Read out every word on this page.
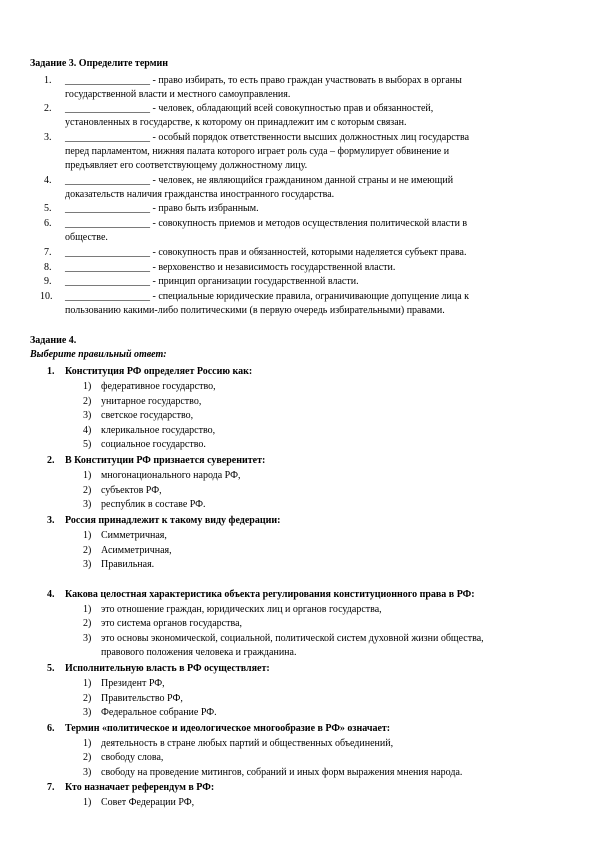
Задание 3. Определите термин
1. _________________ - право избирать, то есть право граждан участвовать в выборах в органы
государственной власти и местного самоуправления.
2. _________________ - человек, обладающий всей совокупностью прав и обязанностей,
установленных в государстве, к которому он принадлежит им с которым связан.
3. _________________ - особый порядок ответственности высших должностных лиц государства
перед парламентом, нижняя палата которого играет роль суда – формулирует обвинение и
предъявляет его соответствующему должностному лицу.
4. _________________ - человек, не являющийся гражданином данной страны и не имеющий
доказательств наличия гражданства иностранного государства.
5. _________________ - право быть избранным.
6. _________________ - совокупность приемов и методов осуществления политической власти в
обществе.
7. _________________ - совокупность прав и обязанностей, которыми наделяется субъект права.
8. _________________ - верховенство и независимость государственной власти.
9. _________________ - принцип организации государственной власти.
10. _________________ - специальные юридические правила, ограничивающие допущение лица к
пользованию какими-либо политическими (в первую очередь избирательными) правами.
Задание 4.
Выберите правильный ответ:
1. Конституция РФ определяет Россию как:
1) федеративное государство,
2) унитарное государство,
3) светское государство,
4) клерикальное государство,
5) социальное государство.
2. В Конституции РФ признается суверенитет:
1) многонационального народа РФ,
2) субъектов РФ,
3) республик в составе РФ.
3. Россия принадлежит к такому виду федерации:
1) Симметричная,
2) Асимметричная,
3) Правильная.
4. Какова целостная характеристика объекта регулирования конституционного права в РФ:
1) это отношение граждан, юридических лиц и органов государства,
2) это система органов государства,
3) это основы экономической, социальной, политической систем духовной жизни общества,
правового положения человека и гражданина.
5. Исполнительную власть в РФ осуществляет:
1) Президент РФ,
2) Правительство РФ,
3) Федеральное собрание РФ.
6. Термин «политическое и идеологическое многообразие в РФ» означает:
1) деятельность в стране любых партий и общественных объединений,
2) свободу слова,
3) свободу на проведение митингов, собраний и иных форм выражения мнения народа.
7. Кто назначает референдум в РФ:
1) Совет Федерации РФ,
